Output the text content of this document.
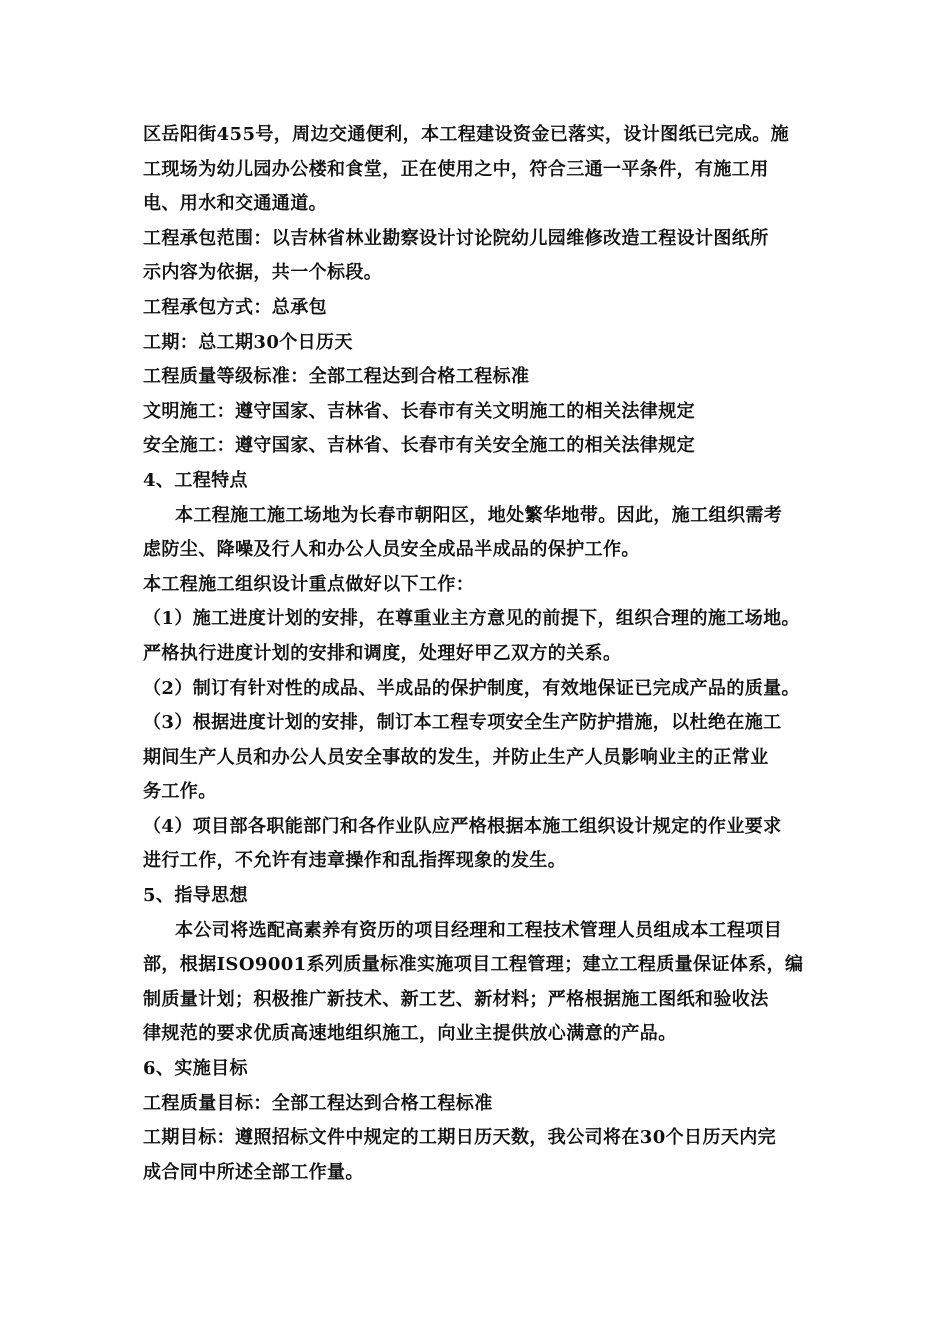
区岳阳街455号，周边交通便利，本工程建设资金已落实，设计图纸已完成。施
工现场为幼儿园办公楼和食堂，正在使用之中，符合三通一平条件，有施工用
电、用水和交通通道。
工程承包范围：以吉林省林业勘察设计讨论院幼儿园维修改造工程设计图纸所
示内容为依据，共一个标段。
工程承包方式：总承包
工期：总工期30个日历天
工程质量等级标准：全部工程达到合格工程标准
文明施工：遵守国家、吉林省、长春市有关文明施工的相关法律规定
安全施工：遵守国家、吉林省、长春市有关安全施工的相关法律规定
4、工程特点
本工程施工施工场地为长春市朝阳区，地处繁华地带。因此，施工组织需考
虑防尘、降噪及行人和办公人员安全成品半成品的保护工作。
本工程施工组织设计重点做好以下工作：
（1）施工进度计划的安排，在尊重业主方意见的前提下，组织合理的施工场地。
严格执行进度计划的安排和调度，处理好甲乙双方的关系。
（2）制订有针对性的成品、半成品的保护制度，有效地保证已完成产品的质量。
（3）根据进度计划的安排，制订本工程专项安全生产防护措施，以杜绝在施工
期间生产人员和办公人员安全事故的发生，并防止生产人员影响业主的正常业
务工作。
（4）项目部各职能部门和各作业队应严格根据本施工组织设计规定的作业要求
进行工作，不允许有违章操作和乱指挥现象的发生。
5、指导思想
本公司将选配高素养有资历的项目经理和工程技术管理人员组成本工程项目
部，根据ISO9001系列质量标准实施项目工程管理；建立工程质量保证体系，编
制质量计划；积极推广新技术、新工艺、新材料；严格根据施工图纸和验收法
律规范的要求优质高速地组织施工，向业主提供放心满意的产品。
6、实施目标
工程质量目标：全部工程达到合格工程标准
工期目标：遵照招标文件中规定的工期日历天数，我公司将在30个日历天内完
成合同中所述全部工作量。
